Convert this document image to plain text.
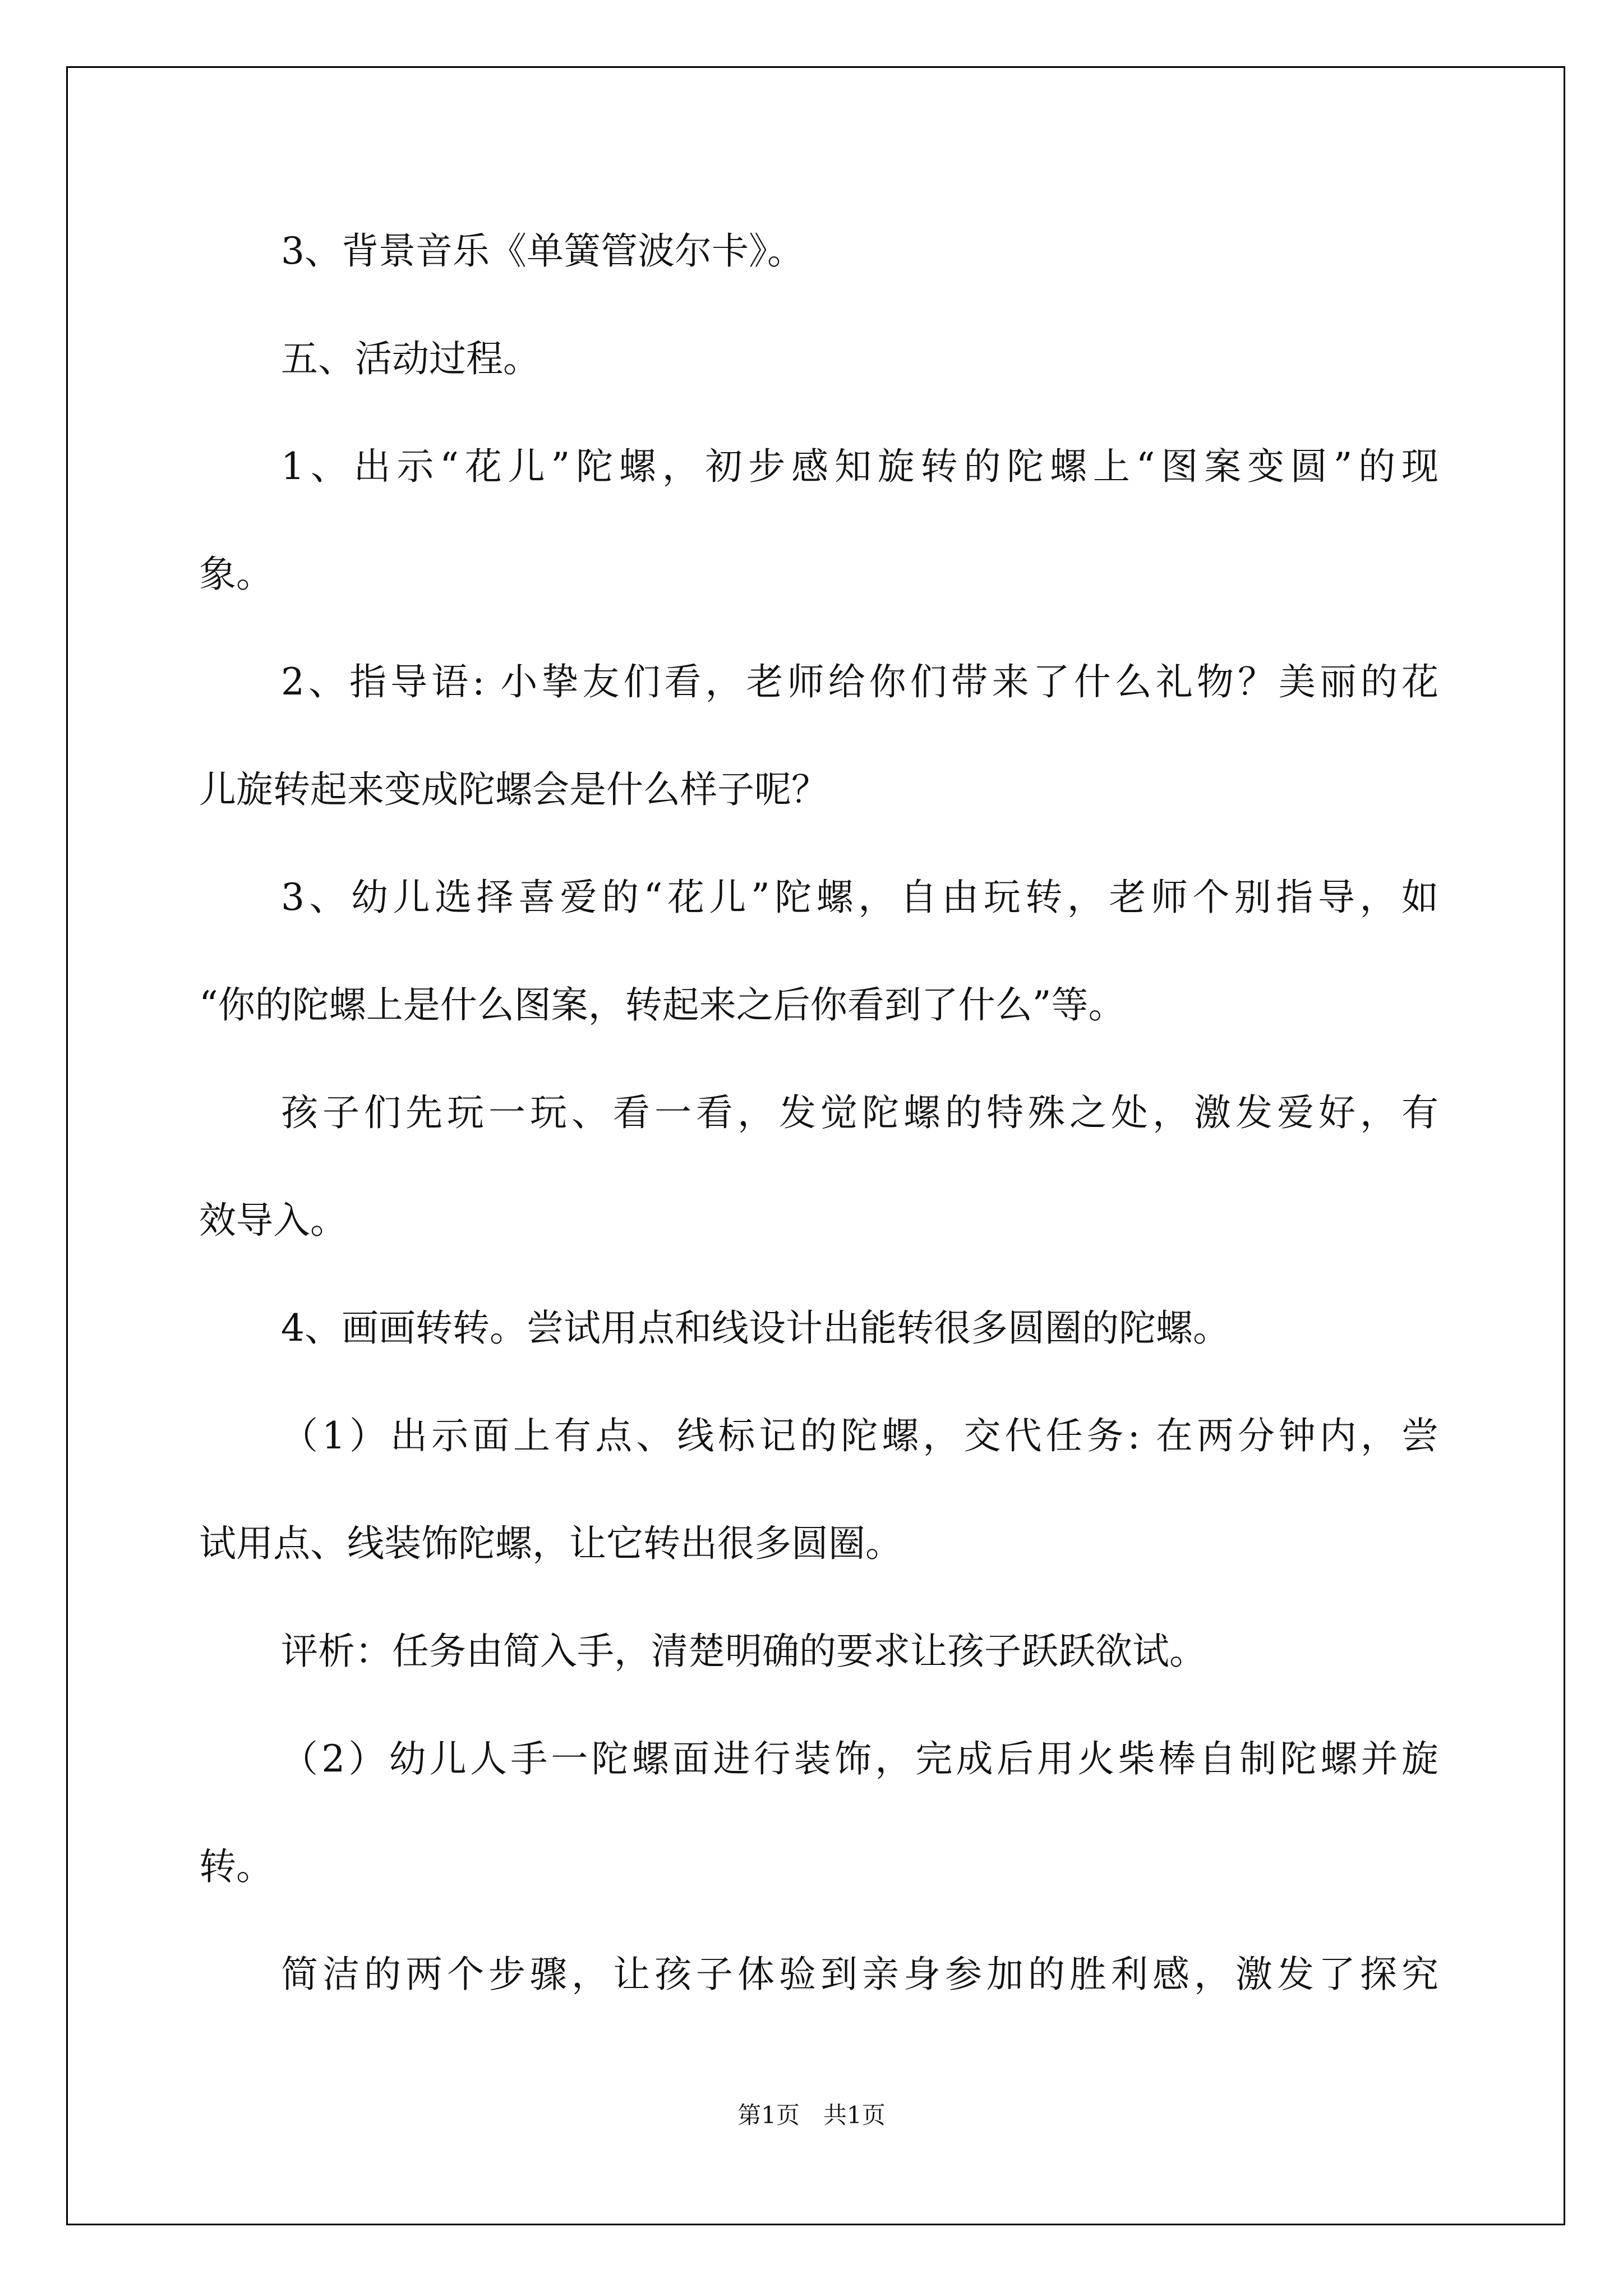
3、背景音乐《单簧管波尔卡》。
五、活动过程。
1、出示“花儿”陀螺，初步感知旋转的陀螺上“图案变圆”的现
象。
2、指导语: 小挚友们看，老师给你们带来了什么礼物？美丽的花
儿旋转起来变成陀螺会是什么样子呢？
3、幼儿选择喜爱的“花儿”陀螺，自由玩转，老师个别指导，如
“你的陀螺上是什么图案，转起来之后你看到了什么”等。
孩子们先玩一玩、看一看，发觉陀螺的特殊之处，激发爱好，有
效导入。
4、画画转转。尝试用点和线设计出能转很多圆圈的陀螺。
（1）出示面上有点、线标记的陀螺，交代任务: 在两分钟内，尝
试用点、线装饰陀螺，让它转出很多圆圈。
评析：任务由简入手，清楚明确的要求让孩子跃跃欲试。
（2）幼儿人手一陀螺面进行装饰，完成后用火柴棒自制陀螺并旋
转。
简洁的两个步骤，让孩子体验到亲身参加的胜利感，激发了探究
第1页　共1页
